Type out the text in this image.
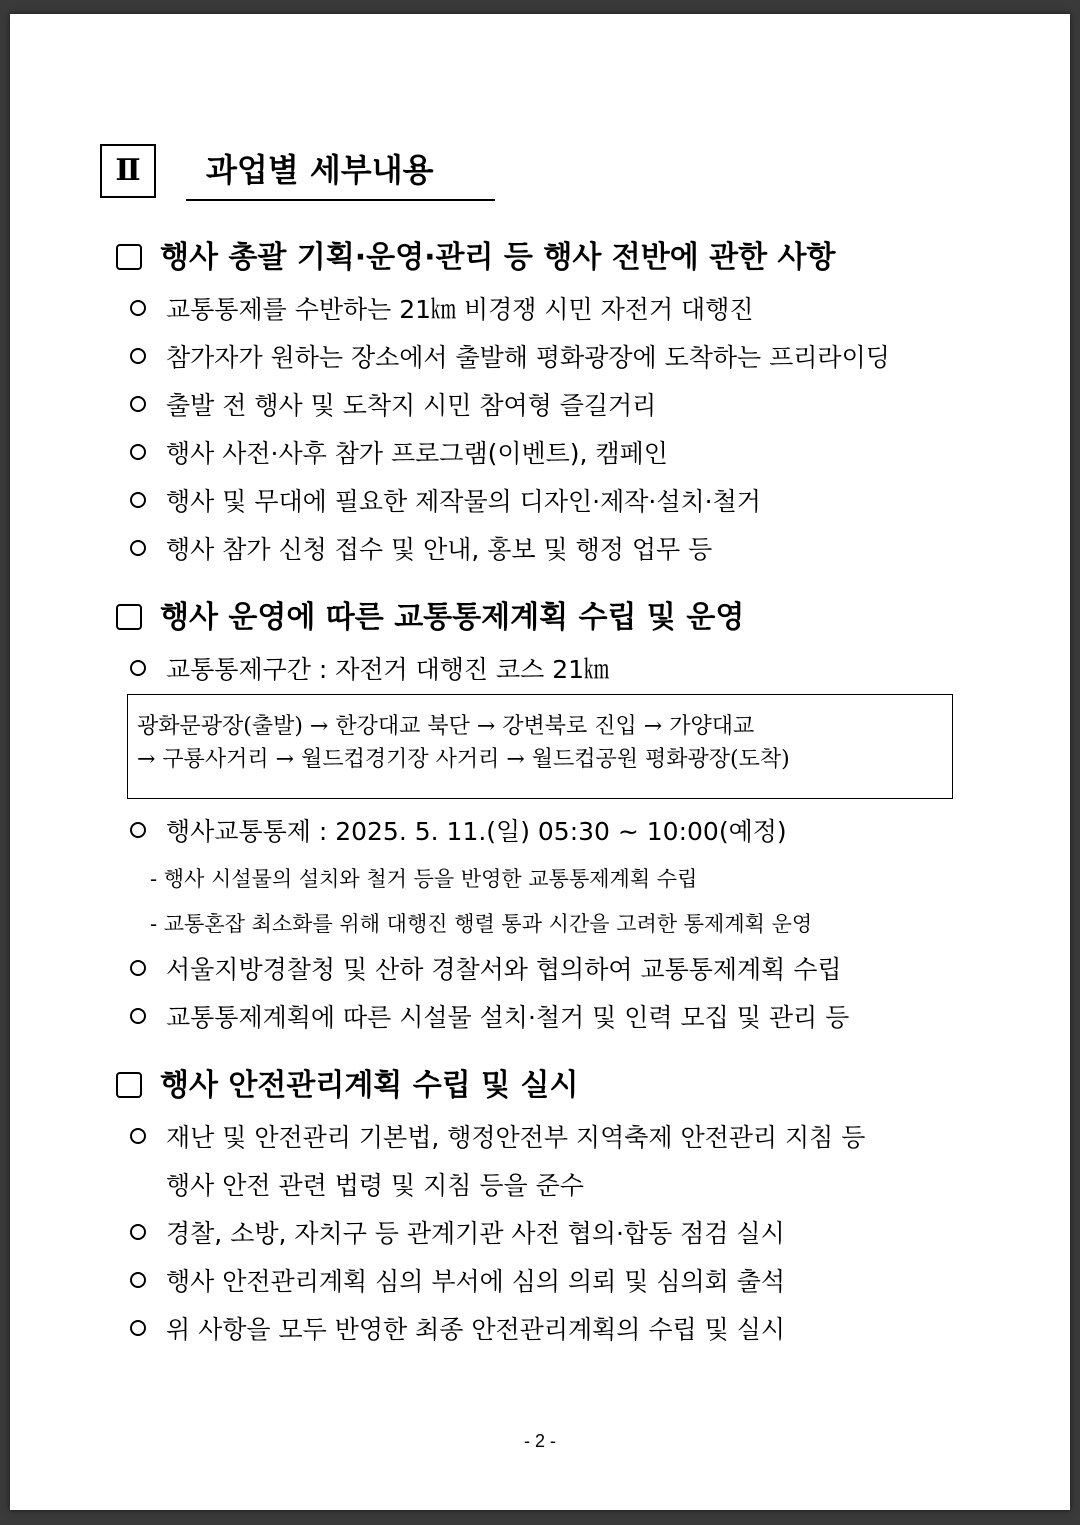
Ⅱ	과업별 세부내용
행사 총괄 기획·운영·관리 등 행사 전반에 관한 사항
교통통제를 수반하는 21㎞ 비경쟁 시민 자전거 대행진
참가자가 원하는 장소에서 출발해 평화광장에 도착하는 프리라이딩
출발 전 행사 및 도착지 시민 참여형 즐길거리
행사 사전·사후 참가 프로그램(이벤트), 캠페인
행사 및 무대에 필요한 제작물의 디자인·제작·설치·철거
행사 참가 신청 접수 및 안내, 홍보 및 행정 업무 등
행사 운영에 따른 교통통제계획 수립 및 운영
교통통제구간 : 자전거 대행진 코스 21㎞
광화문광장(출발) → 한강대교 북단 → 강변북로 진입 → 가양대교
→ 구룡사거리 → 월드컵경기장 사거리 → 월드컵공원 평화광장(도착)
행사교통통제 : 2025. 5. 11.(일) 05:30 ~ 10:00(예정)
- 행사 시설물의 설치와 철거 등을 반영한 교통통제계획 수립
- 교통혼잡 최소화를 위해 대행진 행렬 통과 시간을 고려한 통제계획 운영
서울지방경찰청 및 산하 경찰서와 협의하여 교통통제계획 수립
교통통제계획에 따른 시설물 설치·철거 및 인력 모집 및 관리 등
행사 안전관리계획 수립 및 실시
재난 및 안전관리 기본법, 행정안전부 지역축제 안전관리 지침 등
행사 안전 관련 법령 및 지침 등을 준수
경찰, 소방, 자치구 등 관계기관 사전 협의·합동 점검 실시
행사 안전관리계획 심의 부서에 심의 의뢰 및 심의회 출석
위 사항을 모두 반영한 최종 안전관리계획의 수립 및 실시
- 2 -
